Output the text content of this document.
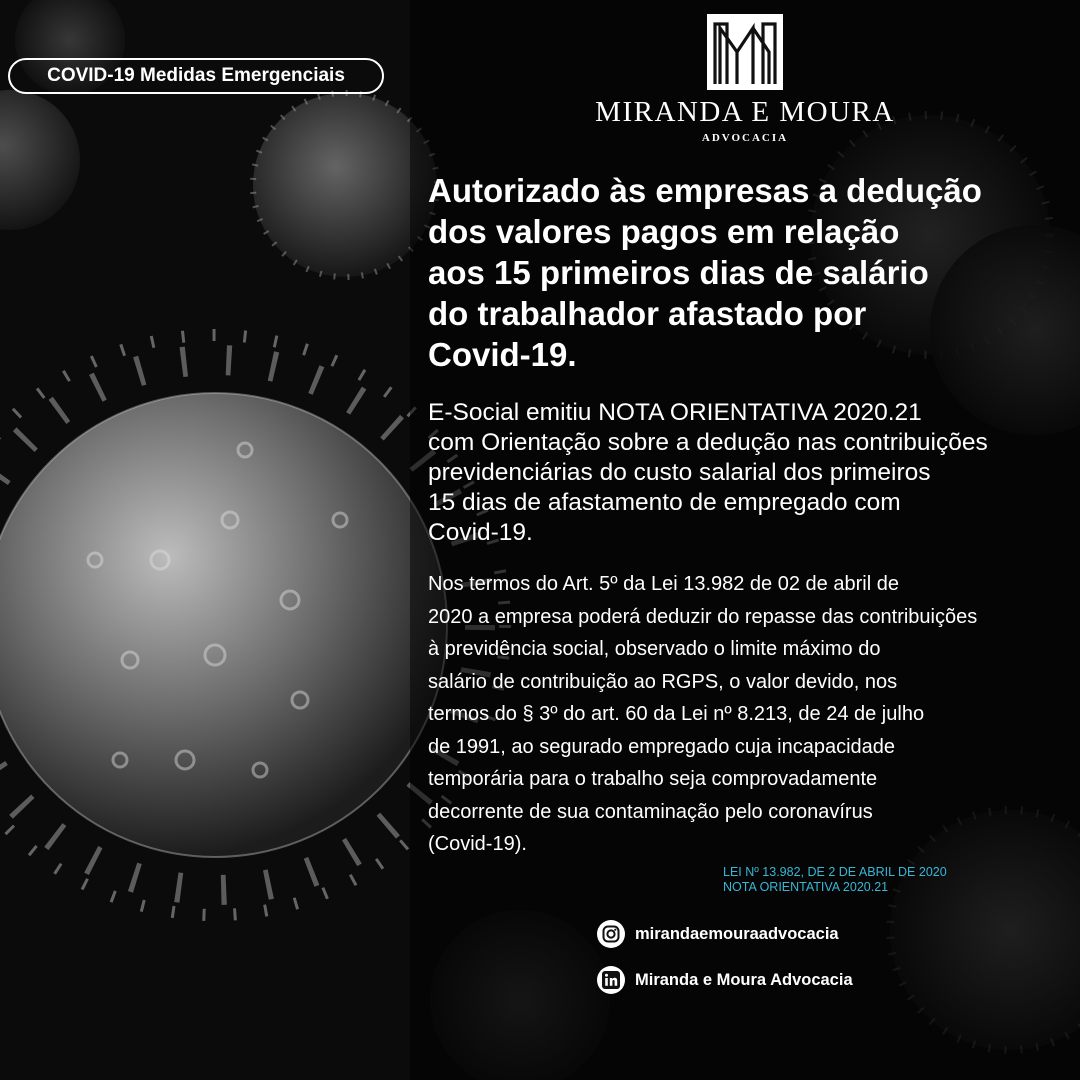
COVID-19 Medidas Emergenciais
MIRANDA E MOURA
ADVOCACIA
Autorizado às empresas a dedução
dos valores pagos em relação
aos 15 primeiros dias de salário
do trabalhador afastado por
Covid-19.

E-Social emitiu NOTA ORIENTATIVA 2020.21
com Orientação sobre a dedução nas contribuições
previdenciárias do custo salarial dos primeiros
15 dias de afastamento de empregado com
Covid-19.

Nos termos do Art. 5º da Lei 13.982 de 02 de abril de
2020 a empresa poderá deduzir do repasse das contribuições
à previdência social, observado o limite máximo do
salário de contribuição ao RGPS, o valor devido, nos
termos do § 3º do art. 60 da Lei nº 8.213, de 24 de julho
de 1991, ao segurado empregado cuja incapacidade
temporária para o trabalho seja comprovadamente
decorrente de sua contaminação pelo coronavírus
(Covid-19).

LEI Nº 13.982, DE 2 DE ABRIL DE 2020
NOTA ORIENTATIVA 2020.21
mirandaemouraadvocacia
Miranda e Moura Advocacia
